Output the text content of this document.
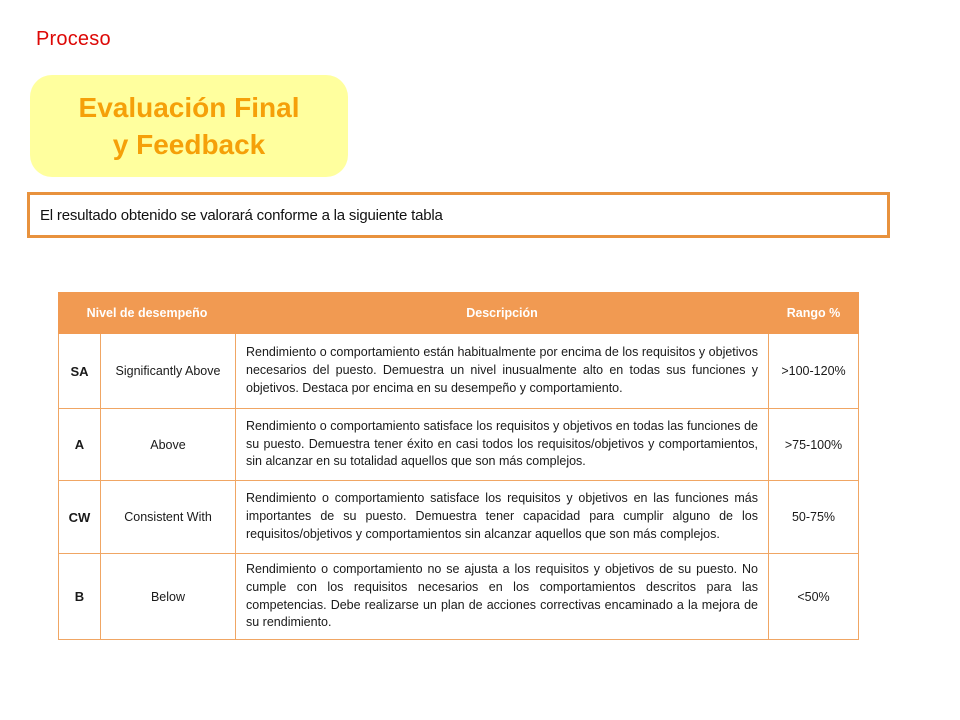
Proceso
Evaluación Final
y Feedback
El resultado obtenido se valorará conforme a la siguiente tabla
Nivel de desempeño		Descripción	Rango %
SA	Significantly Above	Rendimiento o comportamiento están habitualmente por encima de los requisitos y objetivos necesarios del puesto. Demuestra un nivel inusualmente alto en todas sus funciones y objetivos. Destaca por encima en su desempeño y comportamiento.	>100-120%
A	Above	Rendimiento o comportamiento satisface los requisitos y objetivos en todas las funciones de su puesto. Demuestra tener éxito en casi todos los requisitos/objetivos y comportamientos, sin alcanzar en su totalidad aquellos que son más complejos.	>75-100%
CW	Consistent With	Rendimiento o comportamiento satisface los requisitos y objetivos en las funciones más importantes de su puesto. Demuestra tener capacidad para cumplir alguno de los requisitos/objetivos y comportamientos sin alcanzar aquellos que son más complejos.	50-75%
B	Below	Rendimiento o comportamiento no se ajusta a los requisitos y objetivos de su puesto. No cumple con los requisitos necesarios en los comportamientos descritos para las competencias. Debe realizarse un plan de acciones correctivas encaminado a la mejora de su rendimiento.	<50%
